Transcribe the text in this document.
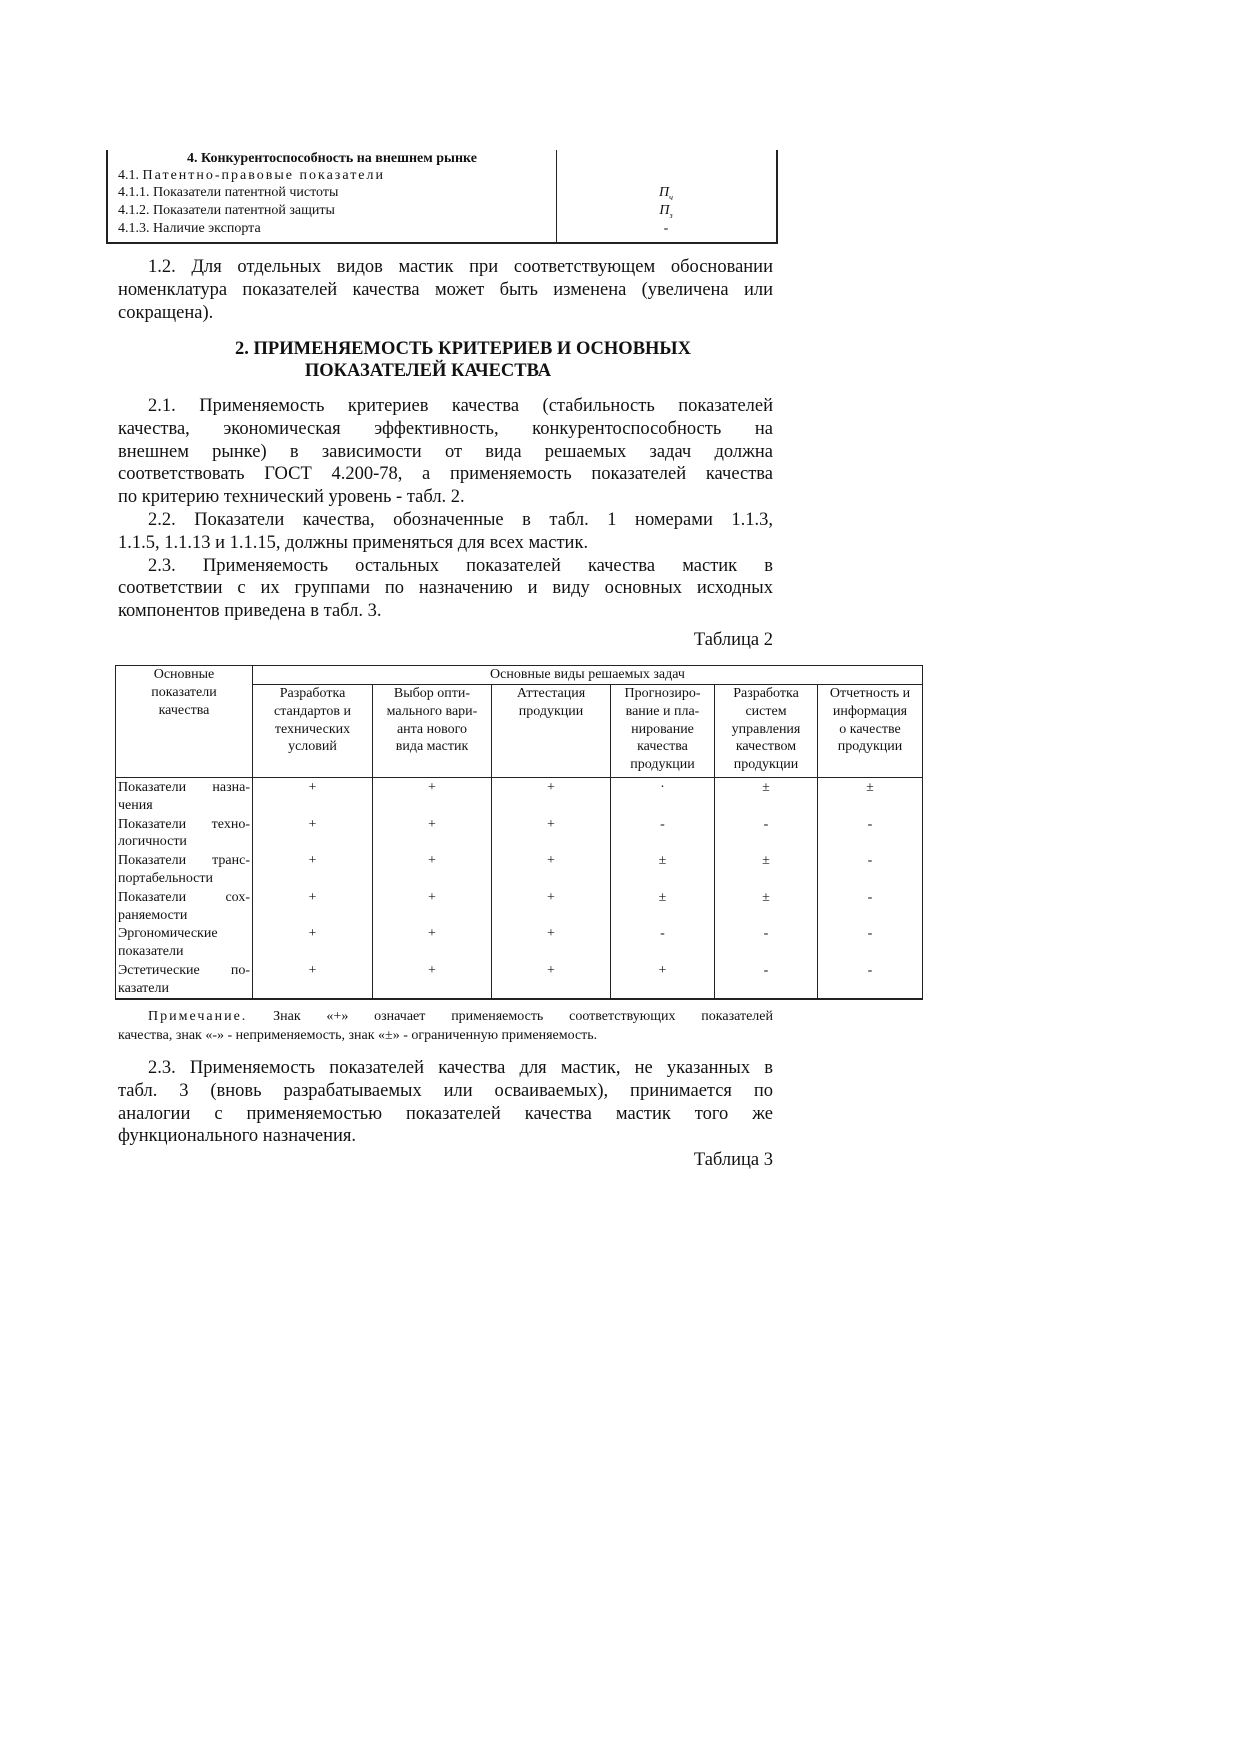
4. Конкурентоспособность на внешнем рынке
4.1. Патентно-правовые показатели
4.1.1. Показатели патентной чистоты	$П_ч$
4.1.2. Показатели патентной защиты	$П_з$
4.1.3. Наличие экспорта	-
1.2. Для отдельных видов мастик при соответствующем обосновании
номенклатура показателей качества может быть изменена (увеличена или
сокращена).
2. ПРИМЕНЯЕМОСТЬ КРИТЕРИЕВ И ОСНОВНЫХ
ПОКАЗАТЕЛЕЙ КАЧЕСТВА
2.1. Применяемость критериев качества (стабильность показателей
качества, экономическая эффективность, конкурентоспособность на
внешнем рынке) в зависимости от вида решаемых задач должна
соответствовать ГОСТ 4.200-78, а применяемость показателей качества
по критерию технический уровень - табл. 2.
2.2. Показатели качества, обозначенные в табл. 1 номерами 1.1.3,
1.1.5, 1.1.13 и 1.1.15, должны применяться для всех мастик.
2.3. Применяемость остальных показателей качества мастик в
соответствии с их группами по назначению и виду основных исходных
компонентов приведена в табл. 3.
Таблица 2
Основные
показатели
качества	Основные виды решаемых задач					
	Разработка
стандартов и
технических
условий	Выбор опти-
мального вари-
анта нового
вида мастик	Аттестация
продукции	Прогнозиро-
вание и пла-
нирование
качества
продукции	Разработка
систем
управления
качеством
продукции	Отчетность и
информация
о качестве
продукции
Показатели назна-чения	+	+	+	·	±	±
Показатели техно-логичности	+	+	+	-	-	-
Показатели транс-портабельности	+	+	+	±	±	-
Показатели сох-раняемости	+	+	+	±	±	-
Эргономические показатели	+	+	+	-	-	-
Эстетические по-казатели	+	+	+	+	-	-
Примечание. Знак «+» означает применяемость соответствующих показателей
качества, знак «-» - неприменяемость, знак «±» - ограниченную применяемость.
2.3. Применяемость показателей качества для мастик, не указанных в
табл. 3 (вновь разрабатываемых или осваиваемых), принимается по
аналогии с применяемостью показателей качества мастик того же
функционального назначения.
Таблица 3
